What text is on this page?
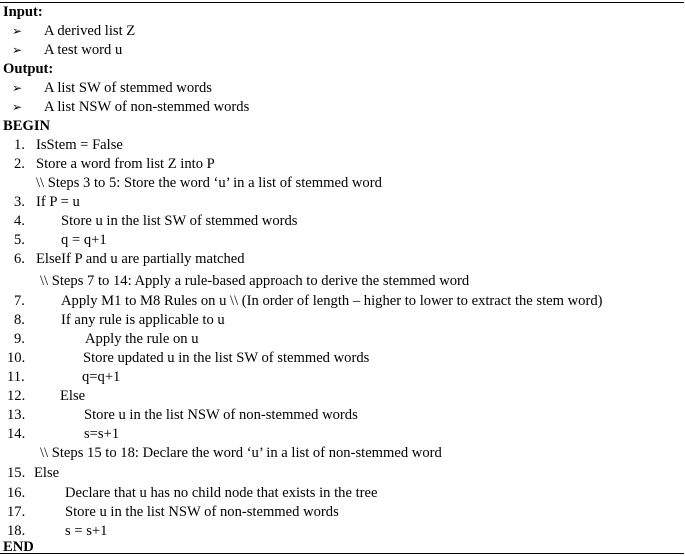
Input:
➢ A derived list Z
➢ A test word u
Output:
➢ A list SW of stemmed words
➢ A list NSW of non-stemmed words
BEGIN
1. IsStem = False
2. Store a word from list Z into P
\\ Steps 3 to 5: Store the word ‘u’ in a list of stemmed word
3. If P = u
4. Store u in the list SW of stemmed words
5. q = q+1
6. ElseIf P and u are partially matched
\\ Steps 7 to 14: Apply a rule-based approach to derive the stemmed word
7. Apply M1 to M8 Rules on u \\ (In order of length – higher to lower to extract the stem word)
8. If any rule is applicable to u
9.	Apply the rule on u
10.	Store updated u in the list SW of stemmed words
11.	q=q+1
12. Else
13.	Store u in the list NSW of non-stemmed words
14.	s=s+1
\\ Steps 15 to 18: Declare the word ‘u’ in a list of non-stemmed word
15. Else
16.	Declare that u has no child node that exists in the tree
17.	Store u in the list NSW of non-stemmed words
18.	s = s+1
END
